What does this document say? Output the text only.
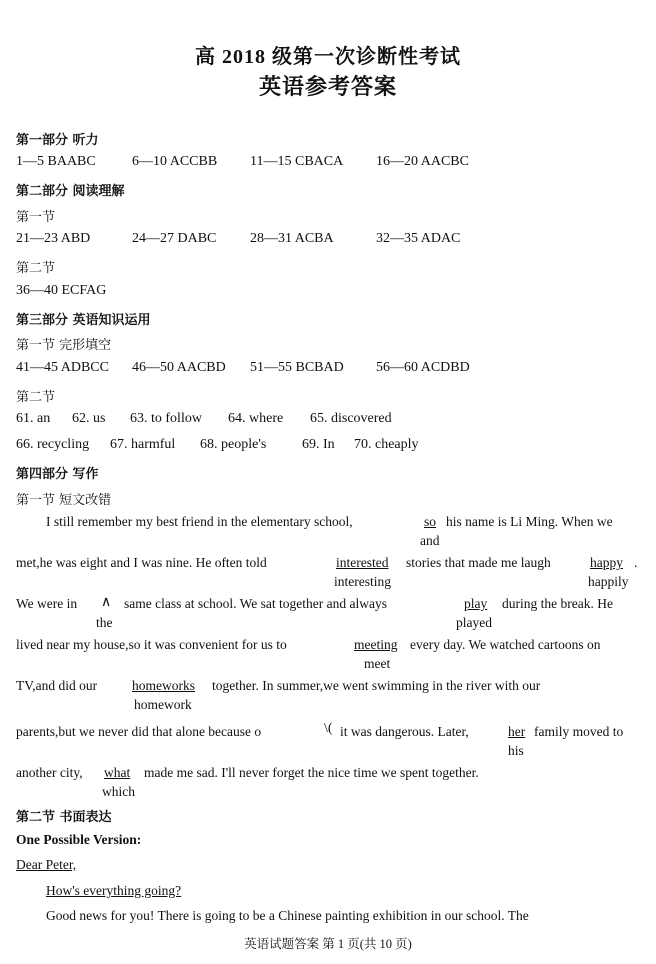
高 2018 级第一次诊断性考试
英语参考答案
第一部分 听力
1—5 BAABC	6—10 ACCBB 11—15 CBACA 16—20 AACBC
第二部分 阅读理解
第一节
21—23 ABD	24—27 DABC 28—31 ACBA	32—35 ADAC
第二节
36—40 ECFAG
第三部分 英语知识运用
第一节 完形填空
41—45 ADBCC 46—50 AACBD 51—55 BCBAD 56—60 ACDBD
第二节
61. an 62. us 63. to follow 64. where 65. discovered
66. recycling 67. harmful 68. people's	69. In 70. cheaply
第四部分 写作
第一节 短文改错
I still remember my best friend in the elementary school,	so his name is Li Ming. When we
and
met,he was eight and I was nine. He often told	interested stories that made me laugh	happy .
interesting	happily
We were in ∧ same class at school. We sat together and always	play during the break. He
the	played
lived near my house,so it was convenient for us to	meeting every day. We watched cartoons on
meet
TV,and did our	homeworks together. In summer,we went swimming in the river with our
homework
parents,but we never did that alone because o	\( it was dangerous. Later,	her family moved to
his
another city, what made me sad. I'll never forget the nice time we spent together.
which
第二节 书面表达
One Possible Version:
Dear Peter,
How's everything going?
Good news for you! There is going to be a Chinese painting exhibition in our school. The
英语试题答案 第 1 页(共 10 页)
